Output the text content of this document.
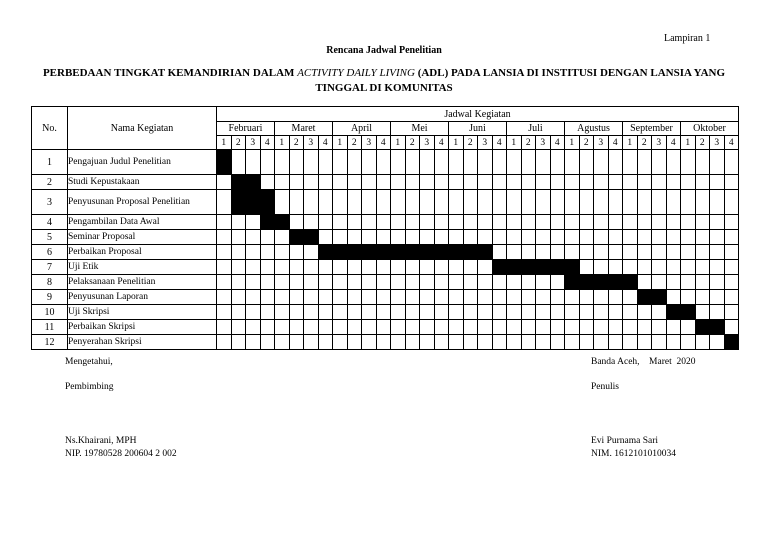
Lampiran 1
Rencana Jadwal Penelitian
PERBEDAAN TINGKAT KEMANDIRIAN DALAM ACTIVITY DAILY LIVING (ADL) PADA LANSIA DI INSTITUSI DENGAN LANSIA YANG TINGGAL DI KOMUNITAS
No.	Nama Kegiatan	Jadwal Kegiatan																																			
		Februari				Maret				April				Mei				Juni				Juli				Agustus				September				Oktober			
		1	2	3	4	1	2	3	4	1	2	3	4	1	2	3	4	1	2	3	4	1	2	3	4	1	2	3	4	1	2	3	4	1	2	3	4
1	Pengajuan Judul Penelitian																																				
2	Studi Kepustakaan																																				
3	Penyusunan Proposal Penelitian																																				
4	Pengambilan Data Awal																																				
5	Seminar Proposal																																				
6	Perbaikan Proposal																																				
7	Uji Etik																																				
8	Pelaksanaan Penelitian																																				
9	Penyusunan Laporan																																				
10	Uji Skripsi																																				
11	Perbaikan Skripsi																																				
12	Penyerahan Skripsi																																				
Mengetahui,
Pembimbing
Ns.Khairani, MPH
NIP. 19780528 200604 2 002
Banda Aceh,    Maret  2020
Penulis
Evi Purnama Sari
NIM. 1612101010034
